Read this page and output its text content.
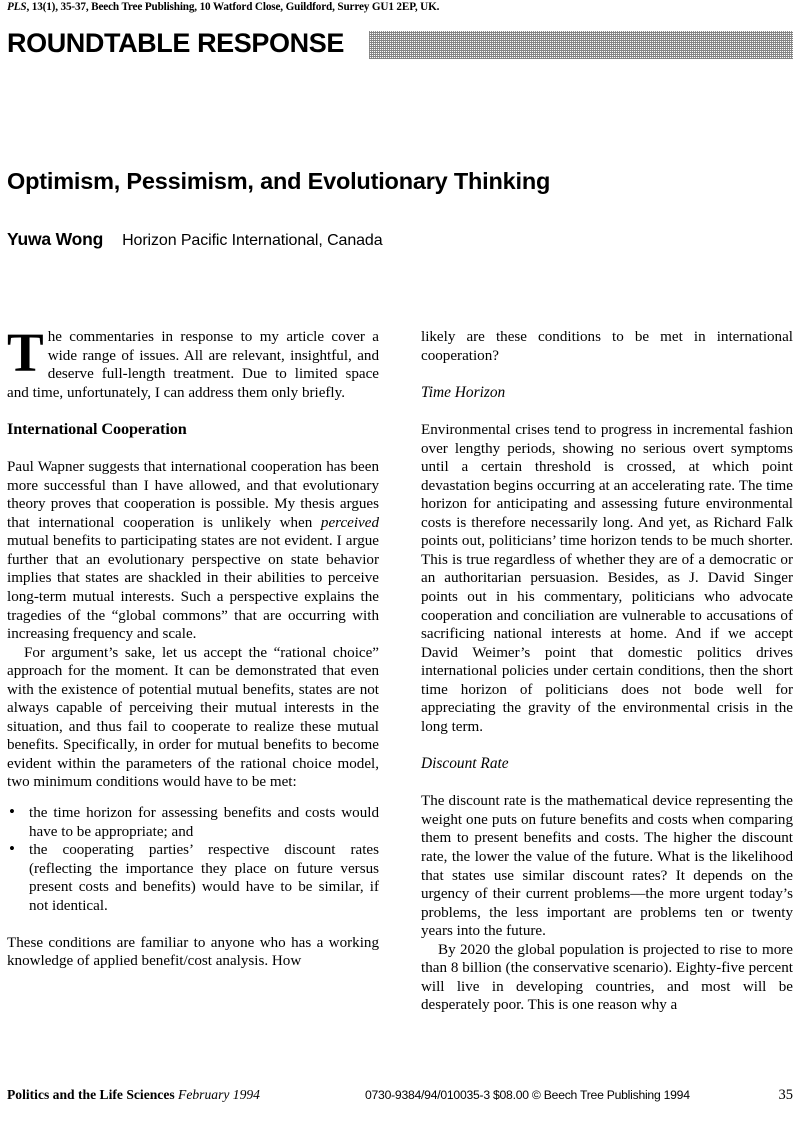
PLS, 13(1), 35-37, Beech Tree Publishing, 10 Watford Close, Guildford, Surrey GU1 2EP, UK.
ROUNDTABLE RESPONSE
Optimism, Pessimism, and Evolutionary Thinking
Yuwa Wong Horizon Pacific International, Canada

The commentaries in response to my article cover a wide range of issues. All are relevant, insightful, and deserve full-length treatment. Due to limited space and time, unfortunately, I can address them only briefly.

International Cooperation

Paul Wapner suggests that international cooperation has been more successful than I have allowed, and that evolutionary theory proves that cooperation is possible. My thesis argues that international cooperation is unlikely when perceived mutual benefits to participating states are not evident. I argue further that an evolutionary perspective on state behavior implies that states are shackled in their abilities to perceive long-term mutual interests. Such a perspective explains the tragedies of the “global commons” that are occurring with increasing frequency and scale.

For argument’s sake, let us accept the “rational choice” approach for the moment. It can be demonstrated that even with the existence of potential mutual benefits, states are not always capable of perceiving their mutual interests in the situation, and thus fail to cooperate to realize these mutual benefits. Specifically, in order for mutual benefits to become evident within the parameters of the rational choice model, two minimum conditions would have to be met:

• the time horizon for assessing benefits and costs would have to be appropriate; and
• the cooperating parties’ respective discount rates (reflecting the importance they place on future versus present costs and benefits) would have to be similar, if not identical.

These conditions are familiar to anyone who has a working knowledge of applied benefit/cost analysis. How

likely are these conditions to be met in international cooperation?

Time Horizon

Environmental crises tend to progress in incremental fashion over lengthy periods, showing no serious overt symptoms until a certain threshold is crossed, at which point devastation begins occurring at an accelerating rate. The time horizon for anticipating and assessing future environmental costs is therefore necessarily long. And yet, as Richard Falk points out, politicians’ time horizon tends to be much shorter. This is true regardless of whether they are of a democratic or an authoritarian persuasion. Besides, as J. David Singer points out in his commentary, politicians who advocate cooperation and conciliation are vulnerable to accusations of sacrificing national interests at home. And if we accept David Weimer’s point that domestic politics drives international policies under certain conditions, then the short time horizon of politicians does not bode well for appreciating the gravity of the environmental crisis in the long term.

Discount Rate

The discount rate is the mathematical device representing the weight one puts on future benefits and costs when comparing them to present benefits and costs. The higher the discount rate, the lower the value of the future. What is the likelihood that states use similar discount rates? It depends on the urgency of their current problems—the more urgent today’s problems, the less important are problems ten or twenty years into the future.

By 2020 the global population is projected to rise to more than 8 billion (the conservative scenario). Eighty-five percent will live in developing countries, and most will be desperately poor. This is one reason why a

Politics and the Life Sciences February 1994	0730-9384/94/010035-3 $08.00 © Beech Tree Publishing 1994	35
